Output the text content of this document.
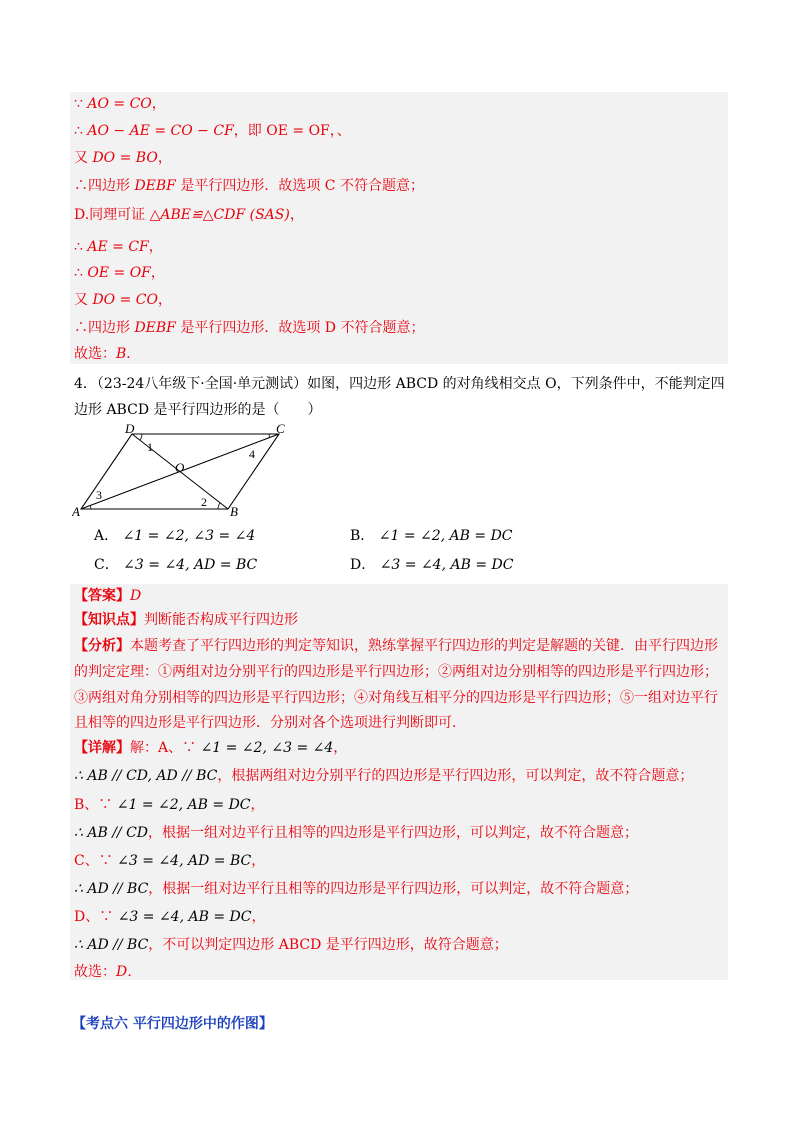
∵ AO = CO，
∴ AO − AE = CO − CF，即 OE = OF，、
又 DO = BO，
∴四边形 DEBF 是平行四边形．故选项 C 不符合题意；
D.同理可证 △ABE≌△CDF (SAS)，
∴ AE = CF，
∴ OE = OF，
又 DO = CO，
∴四边形 DEBF 是平行四边形．故选项 D 不符合题意；
故选：B．
4．（23-24八年级下·全国·单元测试）如图，四边形 ABCD 的对角线相交点 O，下列条件中，不能判定四
边形 ABCD 是平行四边形的是（　　）
D	C
A	B
O
1
2
3
4
A． ∠1 = ∠2, ∠3 = ∠4	B． ∠1 = ∠2, AB = DC
C． ∠3 = ∠4, AD = BC	D． ∠3 = ∠4, AB = DC
【答案】D
【知识点】判断能否构成平行四边形
【分析】本题考查了平行四边形的判定等知识，熟练掌握平行四边形的判定是解题的关键．由平行四边形
的判定定理：①两组对边分别平行的四边形是平行四边形；②两组对边分别相等的四边形是平行四边形；
③两组对角分别相等的四边形是平行四边形；④对角线互相平分的四边形是平行四边形；⑤一组对边平行
且相等的四边形是平行四边形．分别对各个选项进行判断即可．
【详解】解：A、∵ ∠1 = ∠2, ∠3 = ∠4，
∴ AB // CD, AD // BC，根据两组对边分别平行的四边形是平行四边形，可以判定，故不符合题意；
B、∵ ∠1 = ∠2, AB = DC，
∴ AB // CD，根据一组对边平行且相等的四边形是平行四边形，可以判定，故不符合题意；
C、∵ ∠3 = ∠4, AD = BC，
∴ AD // BC，根据一组对边平行且相等的四边形是平行四边形，可以判定，故不符合题意；
D、∵ ∠3 = ∠4, AB = DC，
∴ AD // BC，不可以判定四边形 ABCD 是平行四边形，故符合题意；
故选：D．
【考点六 平行四边形中的作图】
